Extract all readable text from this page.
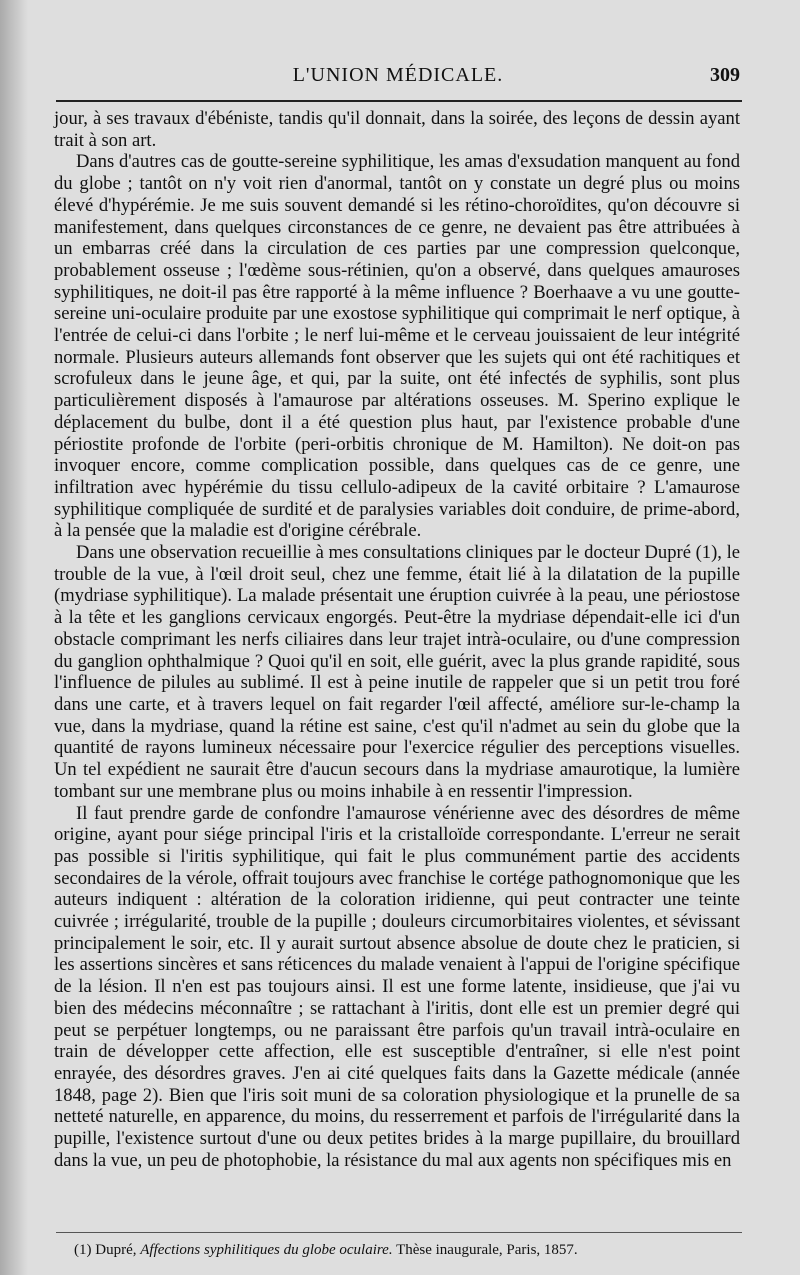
L'UNION MÉDICALE.	309

jour, à ses travaux d'ébéniste, tandis qu'il donnait, dans la soirée, des leçons de dessin ayant trait à son art.

Dans d'autres cas de goutte-sereine syphilitique, les amas d'exsudation manquent au fond du globe ; tantôt on n'y voit rien d'anormal, tantôt on y constate un degré plus ou moins élevé d'hypérémie. Je me suis souvent demandé si les rétino-choroïdites, qu'on découvre si manifestement, dans quelques circonstances de ce genre, ne devaient pas être attribuées à un embarras créé dans la circulation de ces parties par une compression quelconque, probablement osseuse ; l'œdème sous-rétinien, qu'on a observé, dans quelques amauroses syphilitiques, ne doit-il pas être rapporté à la même influence ? Boerhaave a vu une goutte-sereine uni-oculaire produite par une exostose syphilitique qui comprimait le nerf optique, à l'entrée de celui-ci dans l'orbite ; le nerf lui-même et le cerveau jouissaient de leur intégrité normale. Plusieurs auteurs allemands font observer que les sujets qui ont été rachitiques et scrofuleux dans le jeune âge, et qui, par la suite, ont été infectés de syphilis, sont plus particulièrement disposés à l'amaurose par altérations osseuses. M. Sperino explique le déplacement du bulbe, dont il a été question plus haut, par l'existence probable d'une périostite profonde de l'orbite (peri-orbitis chronique de M. Hamilton). Ne doit-on pas invoquer encore, comme complication possible, dans quelques cas de ce genre, une infiltration avec hypérémie du tissu cellulo-adipeux de la cavité orbitaire ? L'amaurose syphilitique compliquée de surdité et de paralysies variables doit conduire, de prime-abord, à la pensée que la maladie est d'origine cérébrale.

Dans une observation recueillie à mes consultations cliniques par le docteur Dupré (1), le trouble de la vue, à l'œil droit seul, chez une femme, était lié à la dilatation de la pupille (mydriase syphilitique). La malade présentait une éruption cuivrée à la peau, une périostose à la tête et les ganglions cervicaux engorgés. Peut-être la mydriase dépendait-elle ici d'un obstacle comprimant les nerfs ciliaires dans leur trajet intrà-oculaire, ou d'une compression du ganglion ophthalmique ? Quoi qu'il en soit, elle guérit, avec la plus grande rapidité, sous l'influence de pilules au sublimé. Il est à peine inutile de rappeler que si un petit trou foré dans une carte, et à travers lequel on fait regarder l'œil affecté, améliore sur-le-champ la vue, dans la mydriase, quand la rétine est saine, c'est qu'il n'admet au sein du globe que la quantité de rayons lumineux nécessaire pour l'exercice régulier des perceptions visuelles. Un tel expédient ne saurait être d'aucun secours dans la mydriase amaurotique, la lumière tombant sur une membrane plus ou moins inhabile à en ressentir l'impression.

Il faut prendre garde de confondre l'amaurose vénérienne avec des désordres de même origine, ayant pour siége principal l'iris et la cristalloïde correspondante. L'erreur ne serait pas possible si l'iritis syphilitique, qui fait le plus communément partie des accidents secondaires de la vérole, offrait toujours avec franchise le cortége pathognomonique que les auteurs indiquent : altération de la coloration iridienne, qui peut contracter une teinte cuivrée ; irrégularité, trouble de la pupille ; douleurs circumorbitaires violentes, et sévissant principalement le soir, etc. Il y aurait surtout absence absolue de doute chez le praticien, si les assertions sincères et sans réticences du malade venaient à l'appui de l'origine spécifique de la lésion. Il n'en est pas toujours ainsi. Il est une forme latente, insidieuse, que j'ai vu bien des médecins méconnaître ; se rattachant à l'iritis, dont elle est un premier degré qui peut se perpétuer longtemps, ou ne paraissant être parfois qu'un travail intrà-oculaire en train de développer cette affection, elle est susceptible d'entraîner, si elle n'est point enrayée, des désordres graves. J'en ai cité quelques faits dans la Gazette médicale (année 1848, page 2). Bien que l'iris soit muni de sa coloration physiologique et la prunelle de sa netteté naturelle, en apparence, du moins, du resserrement et parfois de l'irrégularité dans la pupille, l'existence surtout d'une ou deux petites brides à la marge pupillaire, du brouillard dans la vue, un peu de photophobie, la résistance du mal aux agents non spécifiques mis en

(1) Dupré, Affections syphilitiques du globe oculaire. Thèse inaugurale, Paris, 1857.
